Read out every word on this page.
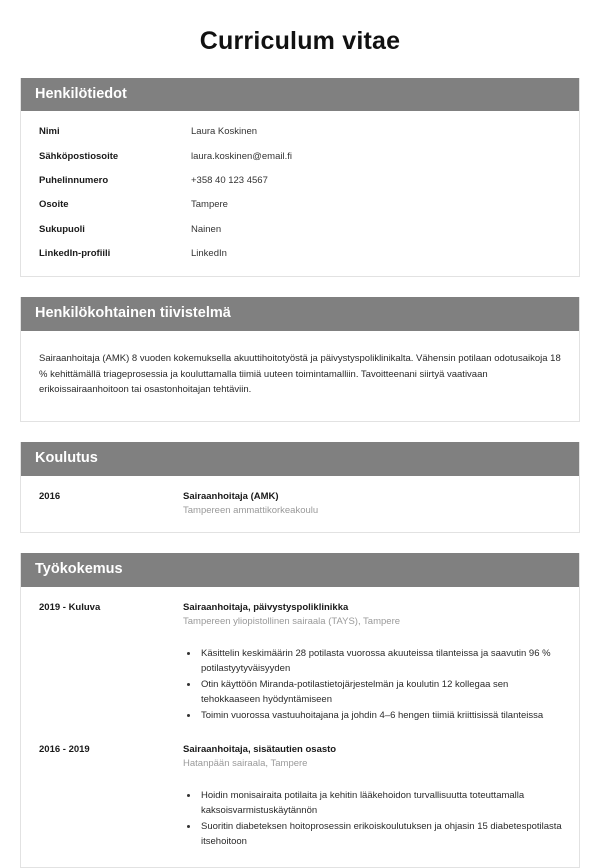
Curriculum vitae
Henkilötiedot
Nimi	Laura Koskinen
Sähköpostiosoite	laura.koskinen@email.fi
Puhelinnumero	+358 40 123 4567
Osoite	Tampere
Sukupuoli	Nainen
LinkedIn-profiili	LinkedIn
Henkilökohtainen tiivistelmä

Sairaanhoitaja (AMK) 8 vuoden kokemuksella akuuttihoitotyöstä ja päivystyspoliklinikalta. Vähensin potilaan odotusaikoja 18 % kehittämällä triageprosessia ja kouluttamalla tiimiä uuteen toimintamalliin. Tavoitteenani siirtyä vaativaan erikoissairaanhoitoon tai osastonhoitajan tehtäviin.

Koulutus
2016	Sairaanhoitaja (AMK)
Tampereen ammattikorkeakoulu
Työkokemus
2019 - Kuluva	Sairaanhoitaja, päivystyspoliklinikka
Tampereen yliopistollinen sairaala (TAYS), Tampere
• Käsittelin keskimäärin 28 potilasta vuorossa akuuteissa tilanteissa ja saavutin 96 % potilastyytyväisyyden
• Otin käyttöön Miranda-potilastietojärjestelmän ja koulutin 12 kollegaa sen tehokkaaseen hyödyntämiseen
• Toimin vuorossa vastuuhoitajana ja johdin 4–6 hengen tiimiä kriittisissä tilanteissa
2016 - 2019	Sairaanhoitaja, sisätautien osasto
Hatanpään sairaala, Tampere
• Hoidin monisairaita potilaita ja kehitin lääkehoidon turvallisuutta toteuttamalla kaksoisvarmistuskäytännön
• Suoritin diabeteksen hoitoprosessin erikoiskoulutuksen ja ohjasin 15 diabetespotilasta itsehoitoon
